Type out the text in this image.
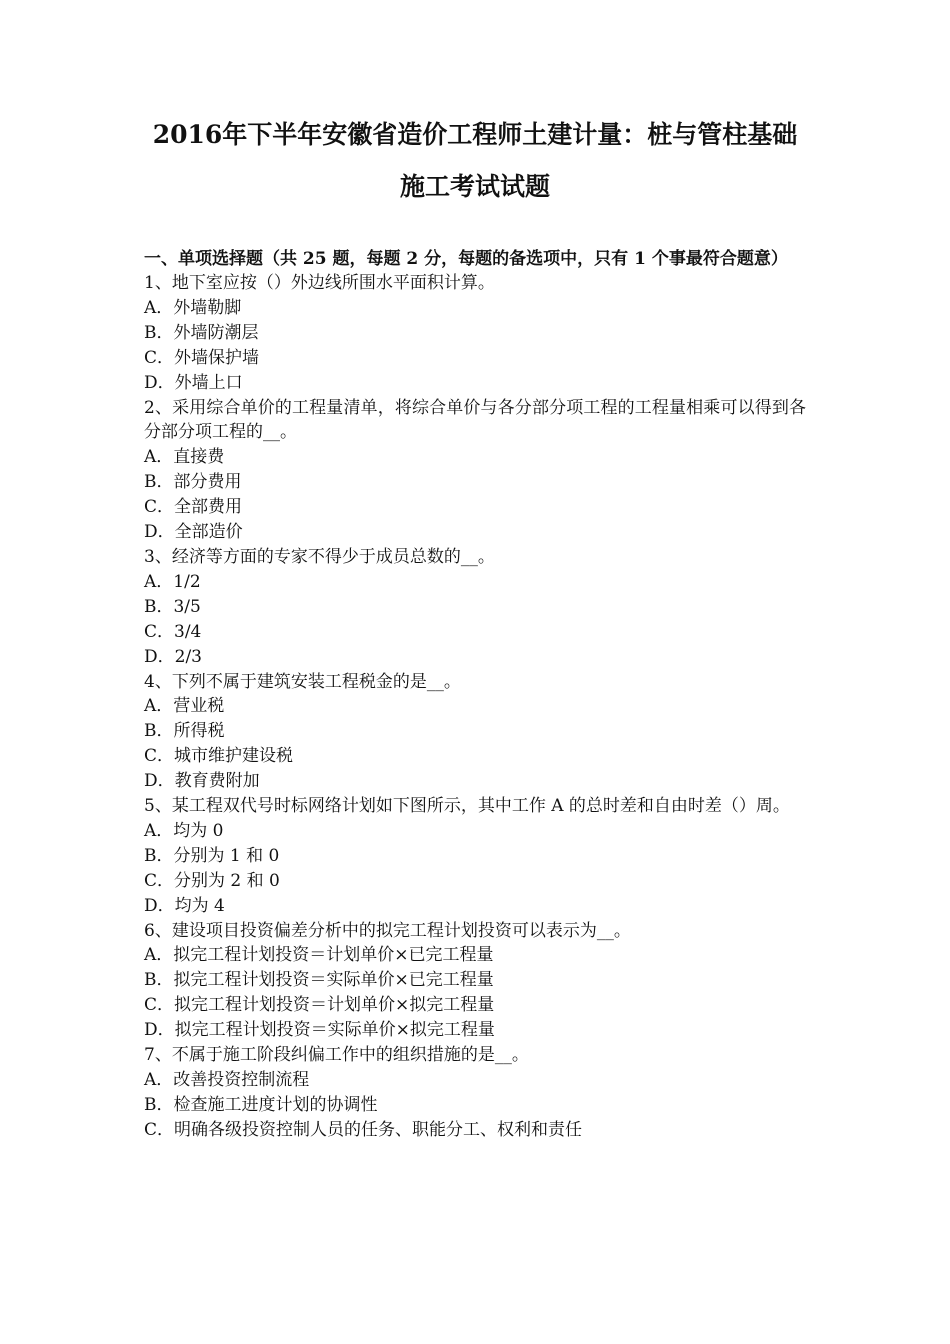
2016年下半年安徽省造价工程师土建计量：桩与管柱基础
施工考试试题
一、单项选择题（共 25 题，每题 2 分，每题的备选项中，只有 1 个事最符合题意）
1、地下室应按（）外边线所围水平面积计算。
A．外墙勒脚
B．外墙防潮层
C．外墙保护墙
D．外墙上口
2、采用综合单价的工程量清单，将综合单价与各分部分项工程的工程量相乘可以得到各分部分项工程的__。
A．直接费
B．部分费用
C．全部费用
D．全部造价
3、经济等方面的专家不得少于成员总数的__。
A．1/2
B．3/5
C．3/4
D．2/3
4、下列不属于建筑安装工程税金的是__。
A．营业税
B．所得税
C．城市维护建设税
D．教育费附加
5、某工程双代号时标网络计划如下图所示，其中工作 A 的总时差和自由时差（）周。
A．均为 0
B．分别为 1 和 0
C．分别为 2 和 0
D．均为 4
6、建设项目投资偏差分析中的拟完工程计划投资可以表示为__。
A．拟完工程计划投资＝计划单价×已完工程量
B．拟完工程计划投资＝实际单价×已完工程量
C．拟完工程计划投资＝计划单价×拟完工程量
D．拟完工程计划投资＝实际单价×拟完工程量
7、不属于施工阶段纠偏工作中的组织措施的是__。
A．改善投资控制流程
B．检查施工进度计划的协调性
C．明确各级投资控制人员的任务、职能分工、权利和责任
